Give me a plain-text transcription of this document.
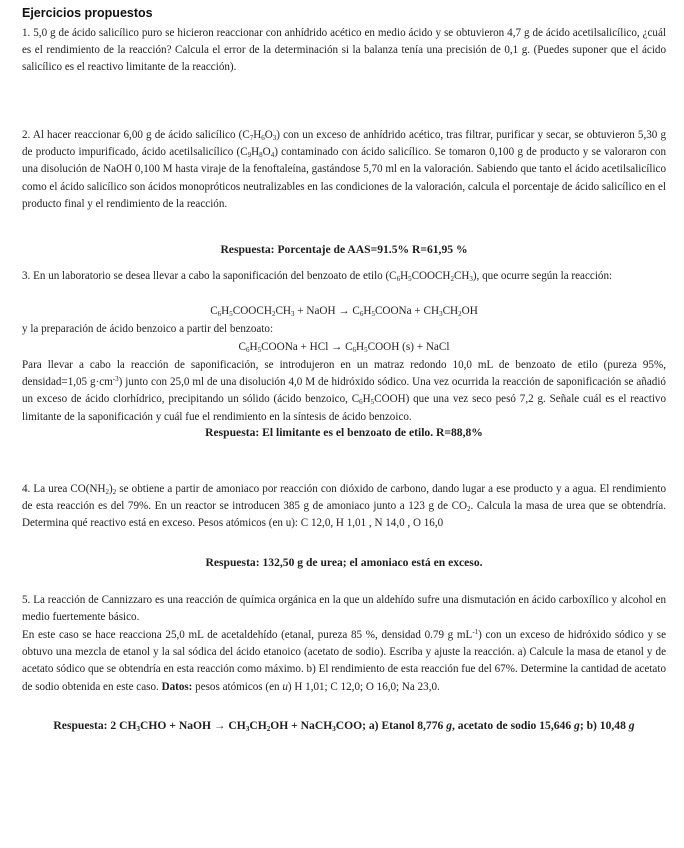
Ejercicios propuestos

1. 5,0 g de ácido salicílico puro se hicieron reaccionar con anhídrido acético en medio ácido y se obtuvieron 4,7 g de ácido acetilsalicílico, ¿cuál es el rendimiento de la reacción? Calcula el error de la determinación si la balanza tenía una precisión de 0,1 g. (Puedes suponer que el ácido salicílico es el reactivo limitante de la reacción).

2. Al hacer reaccionar 6,00 g de ácido salicílico $(C_7H_6O_3)$ con un exceso de anhídrido acético, tras filtrar, purificar y secar, se obtuvieron 5,30 g de producto impurificado, ácido acetilsalicílico $(C_9H_8O_4)$ contaminado con ácido salicílico. Se tomaron 0,100 g de producto y se valoraron con una disolución de NaOH 0,100 M hasta viraje de la fenoftaleína, gastándose 5,70 ml en la valoración. Sabiendo que tanto el ácido acetilsalicílico como el ácido salicílico son ácidos monopróticos neutralizables en las condiciones de la valoración, calcula el porcentaje de ácido salicílico en el producto final y el rendimiento de la reacción.

Respuesta: Porcentaje de AAS=91.5% R=61,95 %

3. En un laboratorio se desea llevar a cabo la saponificación del benzoato de etilo $(C_6H_5COOCH_2CH_3)$, que ocurre según la reacción:

$C_6H_5COOCH_2CH_3$ + NaOH → $C_6H_5COONa + CH_3CH_2OH$

y la preparación de ácido benzoico a partir del benzoato:

$C_6H_5COONa$ + HCl → $C_6H_5COOH$ (s) + NaCl

Para llevar a cabo la reacción de saponificación, se introdujeron en un matraz redondo 10,0 mL de benzoato de etilo (pureza 95%, densidad=1,05 $g\cdot cm^{-3}$) junto con 25,0 ml de una disolución 4,0 M de hidróxido sódico. Una vez ocurrida la reacción de saponificación se añadió un exceso de ácido clorhídrico, precipitando un sólido (ácido benzoico, $C_6H_5COOH$) que una vez seco pesó 7,2 g. Señale cuál es el reactivo limitante de la saponificación y cuál fue el rendimiento en la síntesis de ácido benzoico.

Respuesta: El limitante es el benzoato de etilo. R=88,8%

4. La urea $CO(NH_2)_2$ se obtiene a partir de amoniaco por reacción con dióxido de carbono, dando lugar a ese producto y a agua. El rendimiento de esta reacción es del 79%. En un reactor se introducen 385 g de amoniaco junto a 123 g de $CO_2$. Calcula la masa de urea que se obtendría. Determina qué reactivo está en exceso. Pesos atómicos (en u): C 12,0, H 1,01 , N 14,0 , O 16,0

Respuesta: 132,50 g de urea; el amoniaco está en exceso.

5. La reacción de Cannizzaro es una reacción de química orgánica en la que un aldehído sufre una dismutación en ácido carboxílico y alcohol en medio fuertemente básico.

En este caso se hace reacciona 25,0 mL de acetaldehído (etanal, pureza 85 %, densidad 0.79 g $mL^{-1}$) con un exceso de hidróxido sódico y se obtuvo una mezcla de etanol y la sal sódica del ácido etanoico (acetato de sodio). Escriba y ajuste la reacción. a) Calcule la masa de etanol y de acetato sódico que se obtendría en esta reacción como máximo. b) El rendimiento de esta reacción fue del 67%. Determine la cantidad de acetato de sodio obtenida en este caso. Datos: pesos atómicos (en u) H 1,01; C 12,0; O 16,0; Na 23,0.

Respuesta: 2 $CH_3CHO$ + NaOH → $CH_3CH_2OH$ + NaCH$_3$COO; a) Etanol 8,776 g, acetato de sodio 15,646 g; b) 10,48 g
